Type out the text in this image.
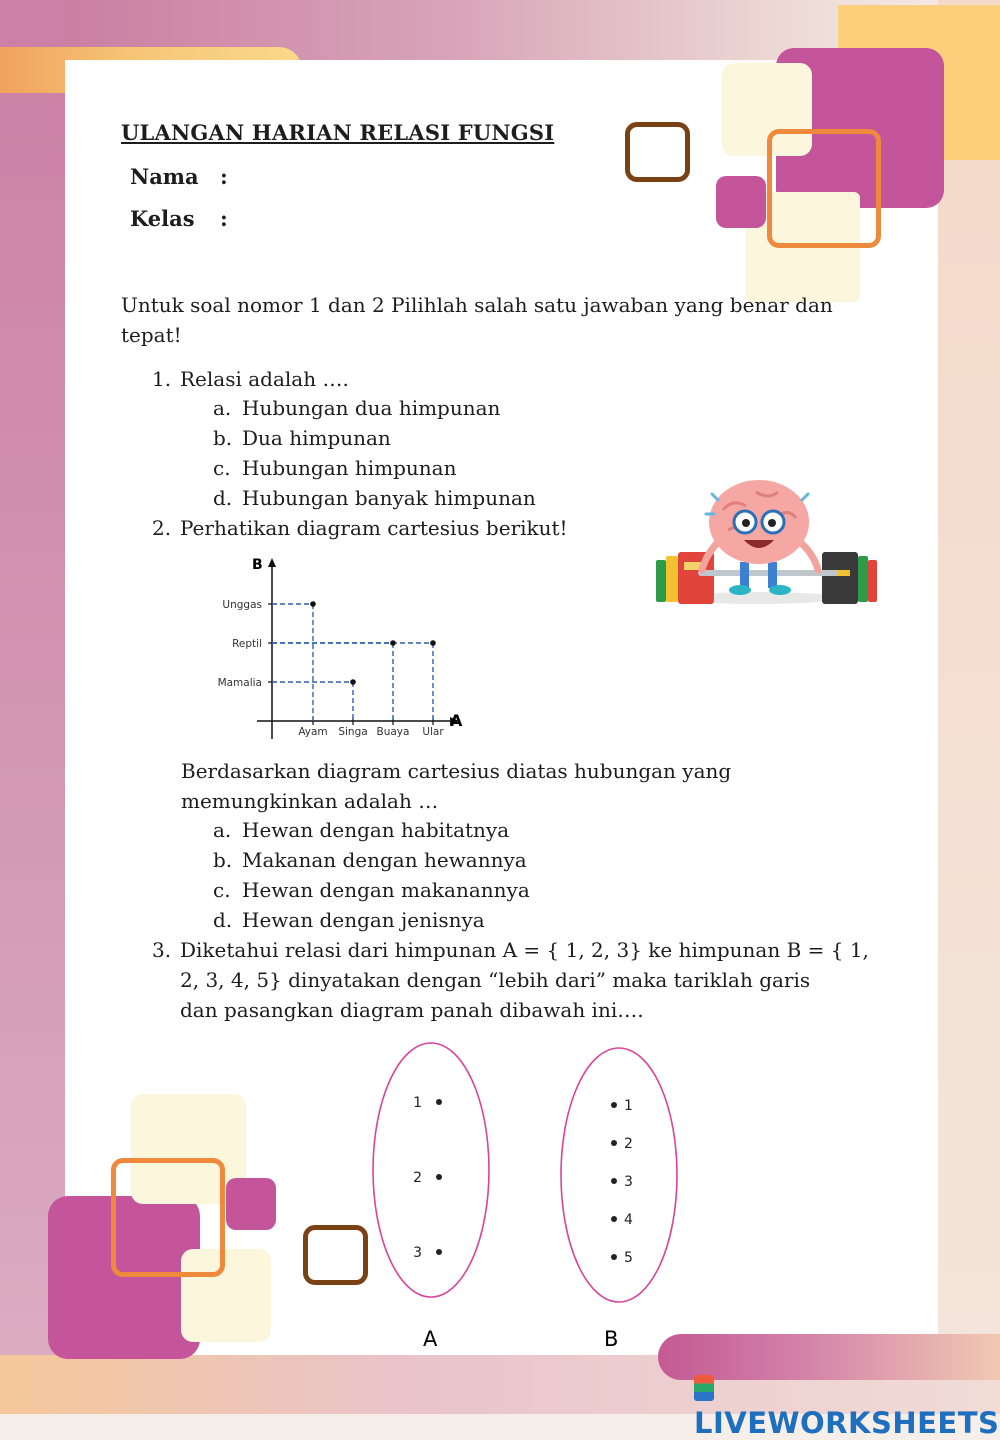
ULANGAN HARIAN RELASI FUNGSI
Nama :
Kelas :
Untuk soal nomor 1 dan 2 Pilihlah salah satu jawaban yang benar dan
tepat!
1. Relasi adalah ….
a. Hubungan dua himpunan
b. Dua himpunan
c. Hubungan himpunan
d. Hubungan banyak himpunan
2. Perhatikan diagram cartesius berikut!
B
A
Ayam Singa Buaya Ular
Mamalia
Reptil
Unggas
Berdasarkan diagram cartesius diatas hubungan yang
memungkinkan adalah …
a. Hewan dengan habitatnya
b. Makanan dengan hewannya
c. Hewan dengan makanannya
d. Hewan dengan jenisnya
3. Diketahui relasi dari himpunan A = { 1, 2, 3} ke himpunan B = { 1,
2, 3, 4, 5} dinyatakan dengan “lebih dari” maka tariklah garis
dan pasangkan diagram panah dibawah ini….
1
2
3
1
2
3
4
5
A	B
LIVEWORKSHEETS
